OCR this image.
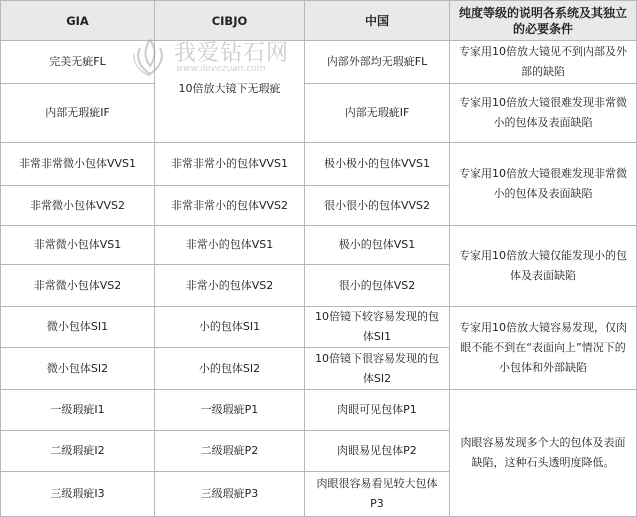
GIA	CIBJO	中国	纯度等级的说明各系统及其独立的必要条件
完美无疵FL	10倍放大镜下无瑕疵	内部外部均无瑕疵FL	专家用10倍放大镜见不到内部及外部的缺陷
内部无瑕疵IF		内部无瑕疵IF	专家用10倍放大镜很难发现非常微小的包体及表面缺陷
非常非常微小包体VVS1	非常非常小的包体VVS1	极小极小的包体VVS1	专家用10倍放大镜很难发现非常微小的包体及表面缺陷
非常微小包体VVS2	非常非常小的包体VVS2	很小很小的包体VVS2	
非常微小包体VS1	非常小的包体VS1	极小的包体VS1	专家用10倍放大镜仅能发现小的包体及表面缺陷
非常微小包体VS2	非常小的包体VS2	很小的包体VS2	
微小包体SI1	小的包体SI1	10倍镜下较容易发现的包体SI1	专家用10倍放大镜容易发现，仅肉眼不能不到在“表面向上”情况下的小包体和外部缺陷
微小包体SI2	小的包体SI2	10倍镜下很容易发现的包体SI2	
一级瑕疵I1	一级瑕疵P1	肉眼可见包体P1	肉眼容易发现多个大的包体及表面缺陷，这种石头透明度降低。
二级瑕疵I2	二级瑕疵P2	肉眼易见包体P2	
三级瑕疵I3	三级瑕疵P3	肉眼很容易看见较大包体P3	
我爱钻石网
www.ilovezuan.com
